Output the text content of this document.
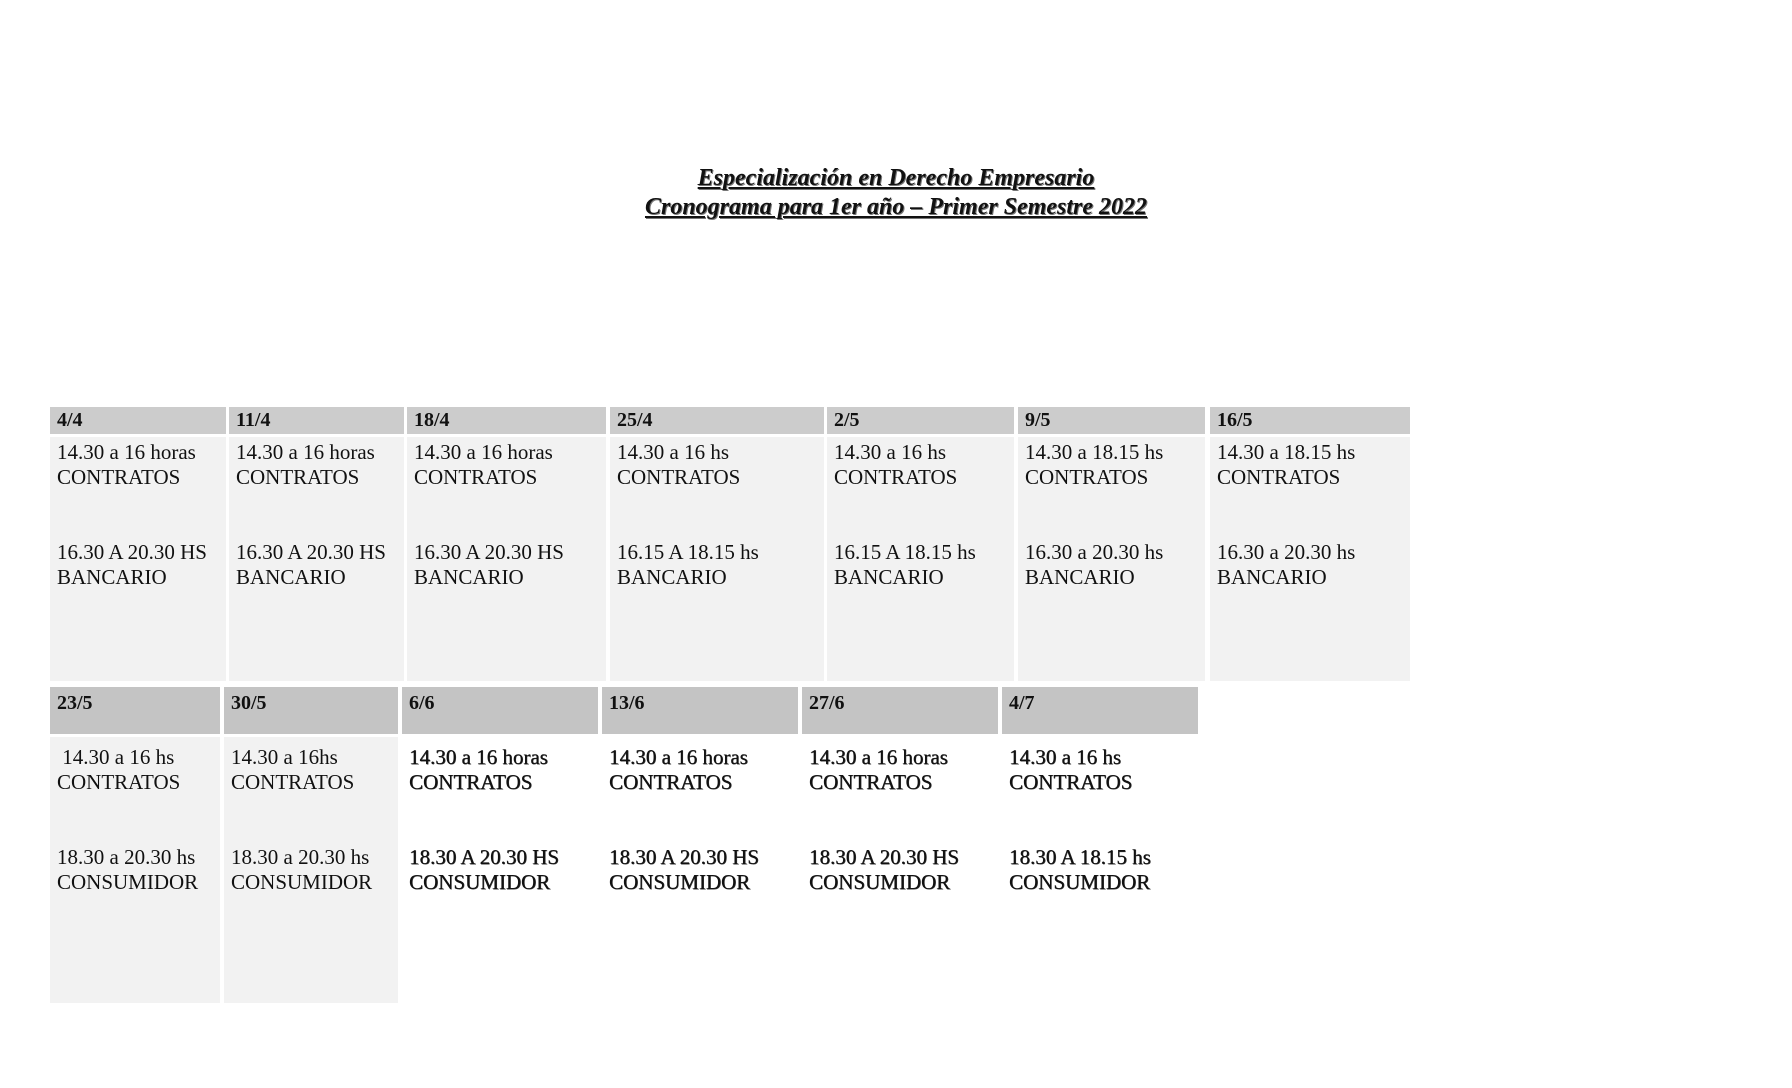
Especialización en Derecho Empresario
Cronograma para 1er año – Primer Semestre 2022
4/4
14.30 a 16 horas
CONTRATOS
16.30 A 20.30 HS
BANCARIO
11/4
14.30 a 16 horas
CONTRATOS
16.30 A 20.30 HS
BANCARIO
18/4
14.30 a 16 horas
CONTRATOS
16.30 A 20.30 HS
BANCARIO
25/4
14.30 a 16 hs
CONTRATOS
16.15 A 18.15 hs
BANCARIO
2/5
14.30 a 16 hs
CONTRATOS
16.15 A 18.15 hs
BANCARIO
9/5
14.30 a 18.15 hs
CONTRATOS
16.30 a 20.30 hs
BANCARIO
16/5
14.30 a 18.15 hs
CONTRATOS
16.30 a 20.30 hs
BANCARIO
23/5
14.30 a 16 hs
CONTRATOS
18.30 a 20.30 hs
CONSUMIDOR
30/5
14.30 a 16hs
CONTRATOS
18.30 a 20.30 hs
CONSUMIDOR
6/6
14.30 a 16 horas
CONTRATOS
18.30 A 20.30 HS
CONSUMIDOR
13/6
14.30 a 16 horas
CONTRATOS
18.30 A 20.30 HS
CONSUMIDOR
27/6
14.30 a 16 horas
CONTRATOS
18.30 A 20.30 HS
CONSUMIDOR
4/7
14.30 a 16 hs
CONTRATOS
18.30 A 18.15 hs
CONSUMIDOR
